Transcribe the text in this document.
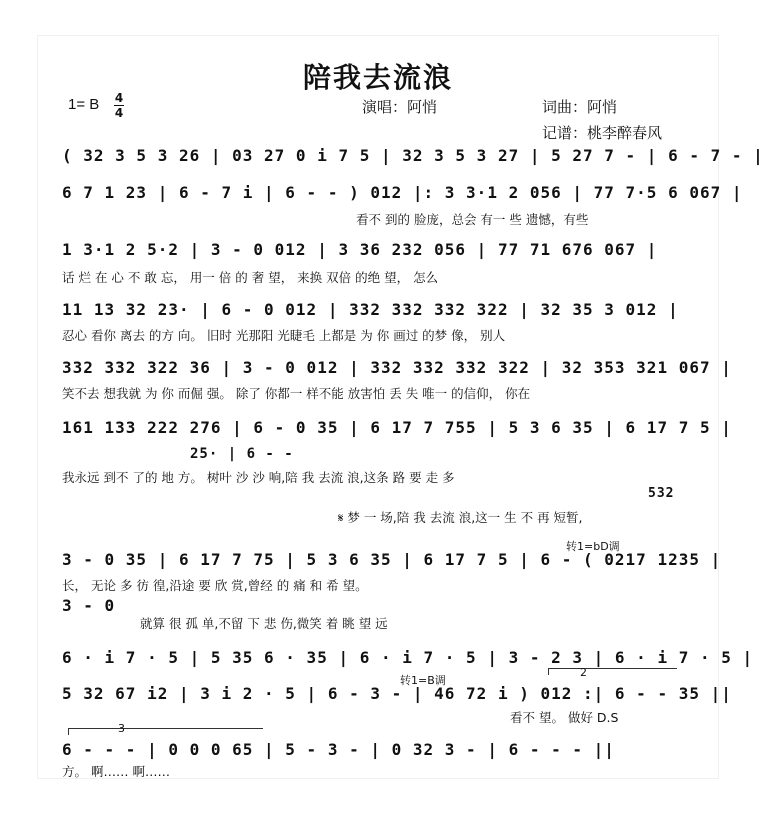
陪我去流浪
1= B 4
4	演唱：阿悄	词曲：阿悄
记谱：桃李醉春风
( 32 3 5 3 26 | 03 27 0 i 7 5 | 32 3 5 3 27 | 5 27 7 - | 6 - 7 - |
6 7 1 23 | 6 - 7 i | 6 - - ) 012 |: 3 3·1 2 056 | 77 7·5 6 067 |
看不 到的 脸庞，总会 有一 些 遗憾，有些
1 3·1 2 5·2 | 3 - 0 012 | 3 36 232 056 | 77 71 676 067 |
话 烂 在 心 不 敢 忘， 用一 倍 的 奢 望， 来换 双倍 的绝 望， 怎么
11 13 32 23· | 6 - 0 012 | 332 332 332 322 | 32 35 3 012 |
忍心 看你 离去 的方 向。 旧时 光那阳 光睫毛 上都是 为 你 画过 的梦 像， 别人
332 332 322 36 | 3 - 0 012 | 332 332 332 322 | 32 353 321 067 |
笑不去 想我就 为 你 而倔 强。 除了 你都一 样不能 放害怕 丢 失 唯一 的信仰， 你在
161 133 222 276 | 6 - 0 35 | 6 17 7 755 | 5 3 6 35 | 6 17 7 5 |
25· | 6 - -
我永远 到不 了的 地 方。 树叶 沙 沙 响,陪 我 去流 浪,这条 路 要 走 多
532
𝄋 梦 一 场,陪 我 去流 浪,这一 生 不 再 短暂,
转1=bD调
3 - 0 35 | 6 17 7 75 | 5 3 6 35 | 6 17 7 5 | 6 - ( 0217 1235 |
长， 无论 多 彷 徨,沿途 要 欣 赏,曾经 的 痛 和 希 望。
3 - 0
就算 很 孤 单,不留 下 悲 伤,微笑 着 眺 望 远
6 · i 7 · 5 | 5 35 6 · 35 | 6 · i 7 · 5 | 3 - 2 3 | 6 · i 7 · 5 |
2
转1=B调
5 32 67 i2 | 3 i 2 · 5 | 6 - 3 - | 46 72 i ) 012 :| 6 - - 35 ||
看不 望。 做好 D.S
3
6 - - - | 0 0 0 65 | 5 - 3 - | 0 32 3 - | 6 - - - ||
方。 啊…… 啊……
